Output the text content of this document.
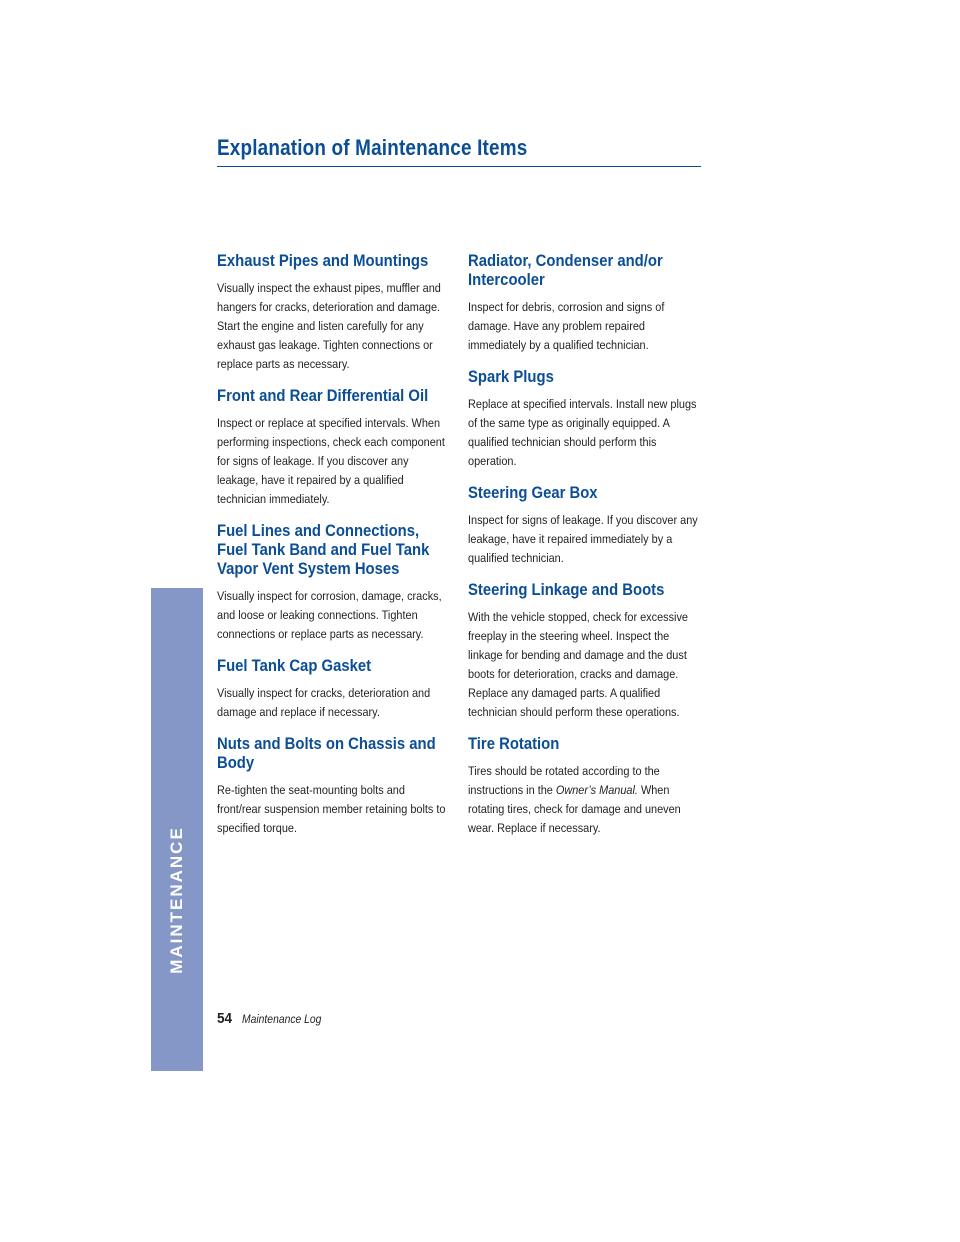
Explanation of Maintenance Items
Exhaust Pipes and Mountings

Visually inspect the exhaust pipes, muffler and hangers for cracks, deterioration and damage. Start the engine and listen carefully for any exhaust gas leakage. Tighten connections or replace parts as necessary.

Front and Rear Differential Oil

Inspect or replace at specified intervals. When performing inspections, check each component for signs of leakage. If you discover any leakage, have it repaired by a qualified technician immediately.

Fuel Lines and Connections, Fuel Tank Band and Fuel Tank Vapor Vent System Hoses

Visually inspect for corrosion, damage, cracks, and loose or leaking connections. Tighten connections or replace parts as necessary.

Fuel Tank Cap Gasket

Visually inspect for cracks, deterioration and damage and replace if necessary.

Nuts and Bolts on Chassis and Body

Re-tighten the seat-mounting bolts and front/rear suspension member retaining bolts to specified torque.

Radiator, Condenser and/or Intercooler

Inspect for debris, corrosion and signs of damage. Have any problem repaired immediately by a qualified technician.

Spark Plugs

Replace at specified intervals. Install new plugs of the same type as originally equipped. A qualified technician should perform this operation.

Steering Gear Box

Inspect for signs of leakage. If you discover any leakage, have it repaired immediately by a qualified technician.

Steering Linkage and Boots

With the vehicle stopped, check for excessive freeplay in the steering wheel. Inspect the linkage for bending and damage and the dust boots for deterioration, cracks and damage. Replace any damaged parts. A qualified technician should perform these operations.

Tire Rotation

Tires should be rotated according to the instructions in the Owner’s Manual. When rotating tires, check for damage and uneven wear. Replace if necessary.

MAINTENANCE
54 Maintenance Log
